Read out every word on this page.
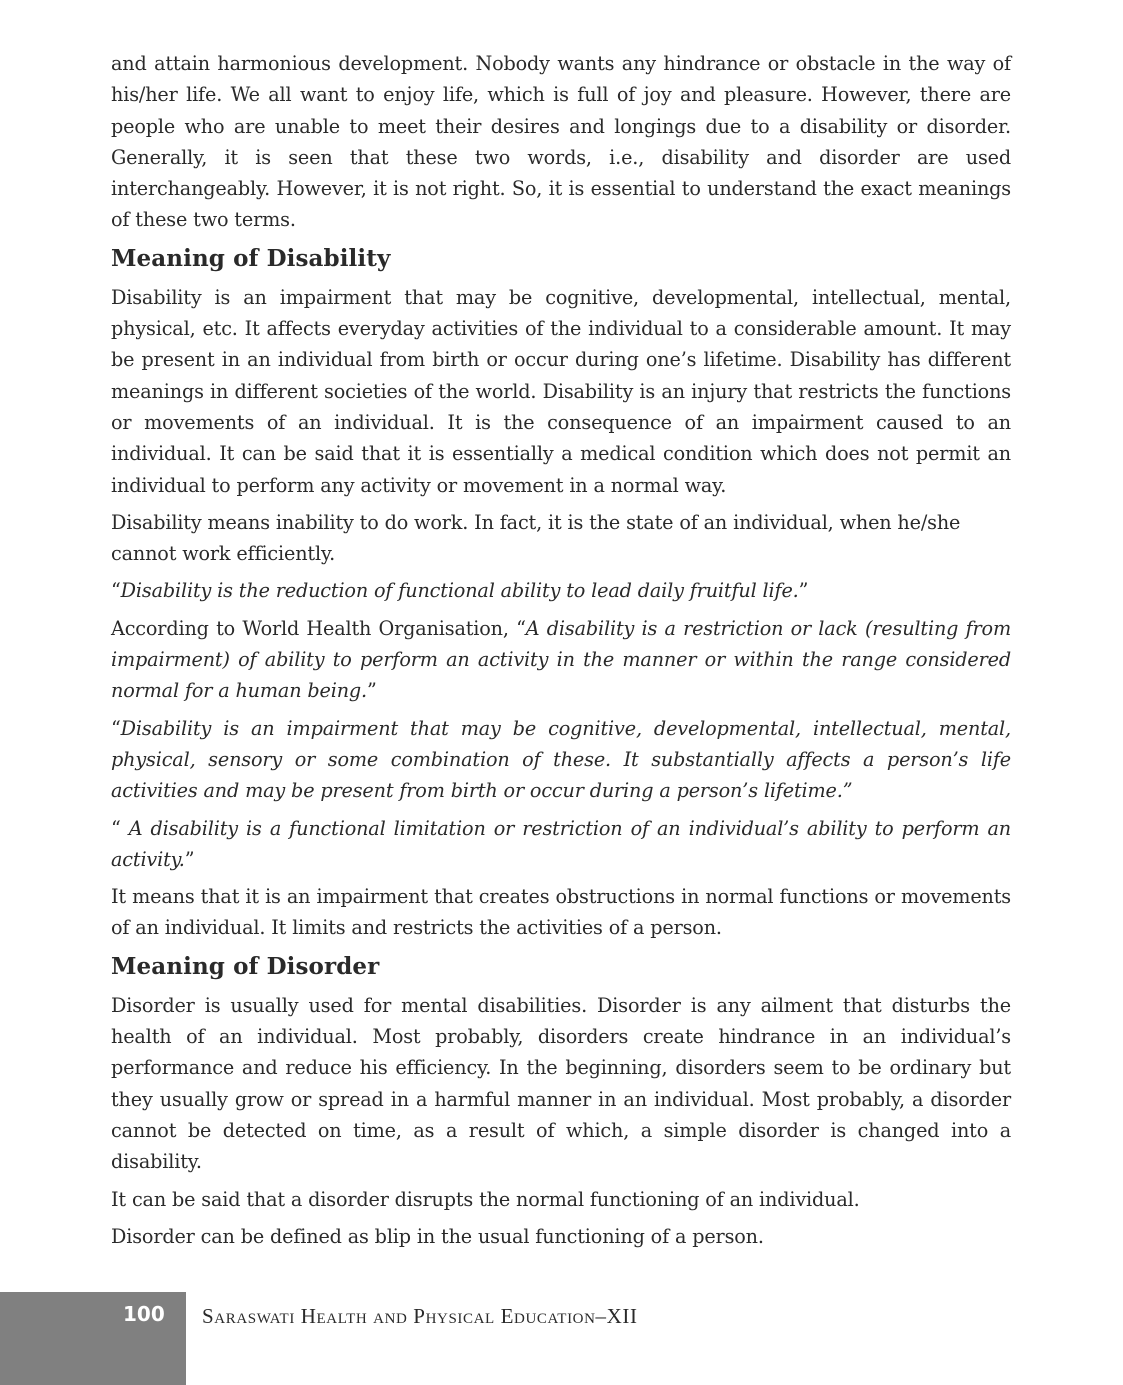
and attain harmonious development. Nobody wants any hindrance or obstacle in the way of his/her life. We all want to enjoy life, which is full of joy and pleasure. However, there are people who are unable to meet their desires and longings due to a disability or disorder. Generally, it is seen that these two words, i.e., disability and disorder are used interchangeably. However, it is not right. So, it is essential to understand the exact meanings of these two terms.

Meaning of Disability

Disability is an impairment that may be cognitive, developmental, intellectual, mental, physical, etc. It affects everyday activities of the individual to a considerable amount. It may be present in an individual from birth or occur during one’s lifetime. Disability has different meanings in different societies of the world. Disability is an injury that restricts the functions or movements of an individual. It is the consequence of an impairment caused to an individual. It can be said that it is essentially a medical condition which does not permit an individual to perform any activity or movement in a normal way.

Disability means inability to do work. In fact, it is the state of an individual, when he/she cannot work efficiently.

“Disability is the reduction of functional ability to lead daily fruitful life.”

According to World Health Organisation, “A disability is a restriction or lack (resulting from impairment) of ability to perform an activity in the manner or within the range considered normal for a human being.”

“Disability is an impairment that may be cognitive, developmental, intellectual, mental, physical, sensory or some combination of these. It substantially affects a person’s life activities and may be present from birth or occur during a person’s lifetime.”

“ A disability is a functional limitation or restriction of an individual’s ability to perform an activity.”

It means that it is an impairment that creates obstructions in normal functions or movements of an individual. It limits and restricts the activities of a person.

Meaning of Disorder

Disorder is usually used for mental disabilities. Disorder is any ailment that disturbs the health of an individual. Most probably, disorders create hindrance in an individual’s performance and reduce his efficiency. In the beginning, disorders seem to be ordinary but they usually grow or spread in a harmful manner in an individual. Most probably, a disorder cannot be detected on time, as a result of which, a simple disorder is changed into a disability.

It can be said that a disorder disrupts the normal functioning of an individual.

Disorder can be defined as blip in the usual functioning of a person.

100 Saraswati Health and Physical Education–XII
